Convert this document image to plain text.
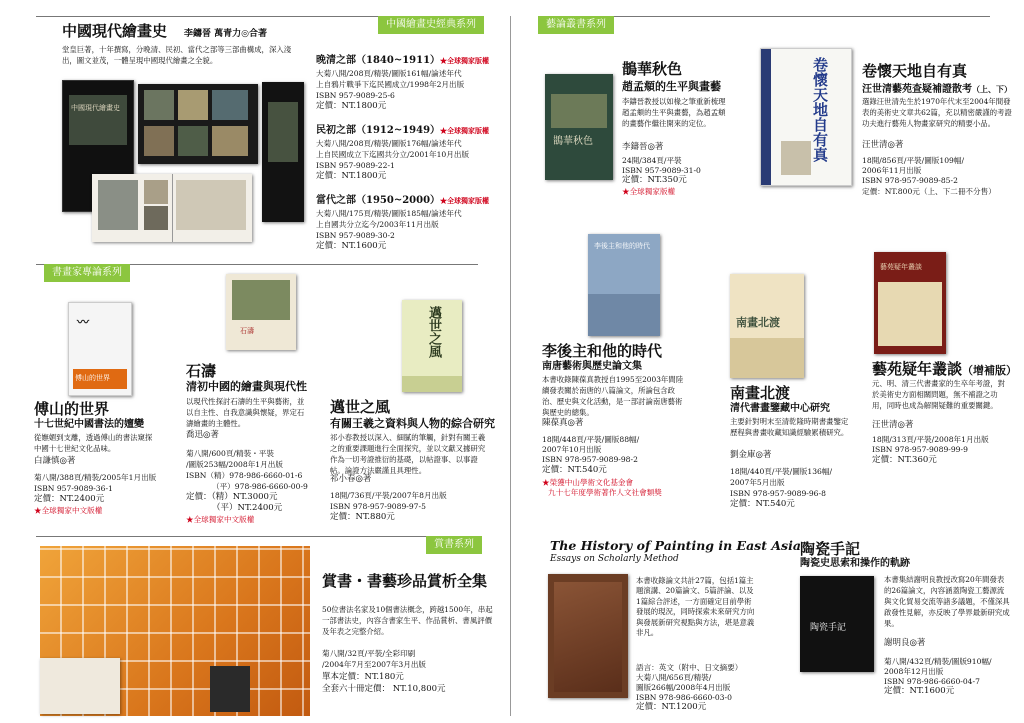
中國繪畫史經典系列	藝論叢書系列
書畫家專論系列
賞書系列
中國現代繪畫史 李鑄晉 萬青力◎合著
堂皇巨著，十年撰寫，分晚清、民初、當代之部等三部曲構成，深入淺出，圖文並茂，一體呈現中國現代繪畫之全貌。
中國現代繪畫史
晚清之部（1840~1911）★全球獨家版權
大菊八開/208頁/精裝/圖版161幅/論述年代
上自鴉片戰爭下迄民國成立/1998年2月出版
ISBN 957-9089-25-6
定價：NT.1800元
民初之部（1912~1949）★全球獨家版權
大菊八開/208頁/精裝/圖版176幅/論述年代
上自民國成立下迄國共分立/2001年10月出版
ISBN 957-9089-22-1
定價：NT.1800元
當代之部（1950~2000）★全球獨家版權
大菊八開/175頁/精裝/圖版185幅/論述年代
上自國共分立迄今/2003年11月出版
ISBN 957-9089-30-2
定價：NT.1600元
鵲華秋色
鵲華秋色
趙孟頫的生平與畫藝
李鑄晉教授以如椽之筆重新梳理趙孟頫的生平與畫藝，為趙孟頫的畫藝作繼往開來的定位。
李鑄晉◎著
24開/384頁/平裝
ISBN 957-9089-31-0
定價：NT.350元
★全球獨家版權
卷懷天地自有真 卷懷天地自有真
汪世清藝苑查疑補證散考（上、下）
選錄汪世清先生於1970年代末至2004年間發表的美術史文章共62篇，充以精密嚴謹的考證功夫進行藝苑人物畫家研究的精要小品。
汪世清◎著
18開/856頁/平裝/圖版109幅/
2006年11月出版
ISBN 978-957-9089-85-2
定價：NT.800元（上、下二冊不分售）
〰
傅山的世界
傅山的世界
十七世紀中國書法的嬗變
從嫵媚到支離，透過傅山的書法窺探中國十七世紀文化品味。
白謙慎◎著
菊八開/388頁/精裝/2005年1月出版
ISBN 957-9089-36-1
定價：NT.2400元
★全球獨家中文版權
石濤
石濤
清初中國的繪畫與現代性
以現代性探討石濤的生平與藝術，並以自主性、自我意識與懷疑，界定石濤繪畫的主體性。
喬迅◎著
菊八開/600頁/精裝・平裝
/圖版253幅/2008年1月出版
ISBN（精）978-986-6660-01-6
（平）978-986-6660-00-9
定價：（精）NT.3000元
（平）NT.2400元
★全球獨家中文版權
邁世之風
邁世之風
有關王羲之資料與人物的綜合研究
祁小春教授以深入、細膩的筆觸，針對有關王羲之的重要課題進行全面探究，並以文獻又據研究作為一切考證推衍的基礎，以帖證事、以事證帖。論證方法嚴謹且具理性。
祁小春◎著
18開/736頁/平裝/2007年8月出版
ISBN 978-957-9089-97-5
定價：NT.880元
李後主和他的時代
李後主和他的時代
南唐藝術與歷史論文集
本書收錄陳葆真教授自1995至2003年間陸續發表關於南唐的八篇論文，所論包含政治、歷史與文化活動，是一部討論南唐藝術與歷史的總集。
陳葆真◎著
18開/448頁/平裝/圖版88幅/
2007年10月出版
ISBN 978-957-9089-98-2
定價：NT.540元
★榮獲中山學術文化基金會
九十七年度學術著作人文社會類獎
南畫北渡
南畫北渡
清代書畫鑒藏中心研究
主要針對明末至清乾隆時期書畫鑒定歷程與書畫收藏知識經驗累積研究。
劉金庫◎著
18開/440頁/平裝/圖版136幅/
2007年5月出版
ISBN 978-957-9089-96-8
定價：NT.540元
藝苑疑年叢談
藝苑疑年叢談（增補版）
元、明、清三代書畫家的生卒年考證，對於美術史方面相關問題，無不補證之功用，同時也成為解開疑難的重要關鍵。
汪世清◎著
18開/313頁/平裝/2008年1月出版
ISBN 978-957-9089-99-9
定價：NT.360元
賞書・書藝珍品賞析全集
50位書法名家及10個書法概念，跨越1500年，串起一部書法史，內容含書家生平、作品賞析、書風評價及年表之完整介紹。
菊八開/32頁/平裝/全彩印刷
/2004年7月至2007年3月出版
單本定價：NT.180元
全套六十冊定價： NT.10,800元
The History of Painting in East Asia
Essays on Scholarly Method
本書收錄論文共計27篇，包括1篇主題演講、20篇論文、5篇評論、以及1篇綜合評述，一方面確定目前學術發展的現況，同時探索未來研究方向與發展新研究視點與方法，堪是意義非凡。
語言：英文（附中、日文摘要）
大菊八開/656頁/精裝/
圖版266幅/2008年4月出版
ISBN 978-986-6660-03-0
定價：NT.1200元
陶瓷手記
陶瓷史思索和操作的軌跡
陶瓷手記
本書集結謝明良教授改寫20年間發表的26篇論文，內容涵蓋陶瓷工藝源流與文化貿易交流等諸多議題，不僅深具啟發性見解，亦反映了學界最新研究成果。
謝明良◎著
菊八開/432頁/精裝/圖版910幅/
2008年12月出版
ISBN 978-986-6660-04-7
定價：NT.1600元
